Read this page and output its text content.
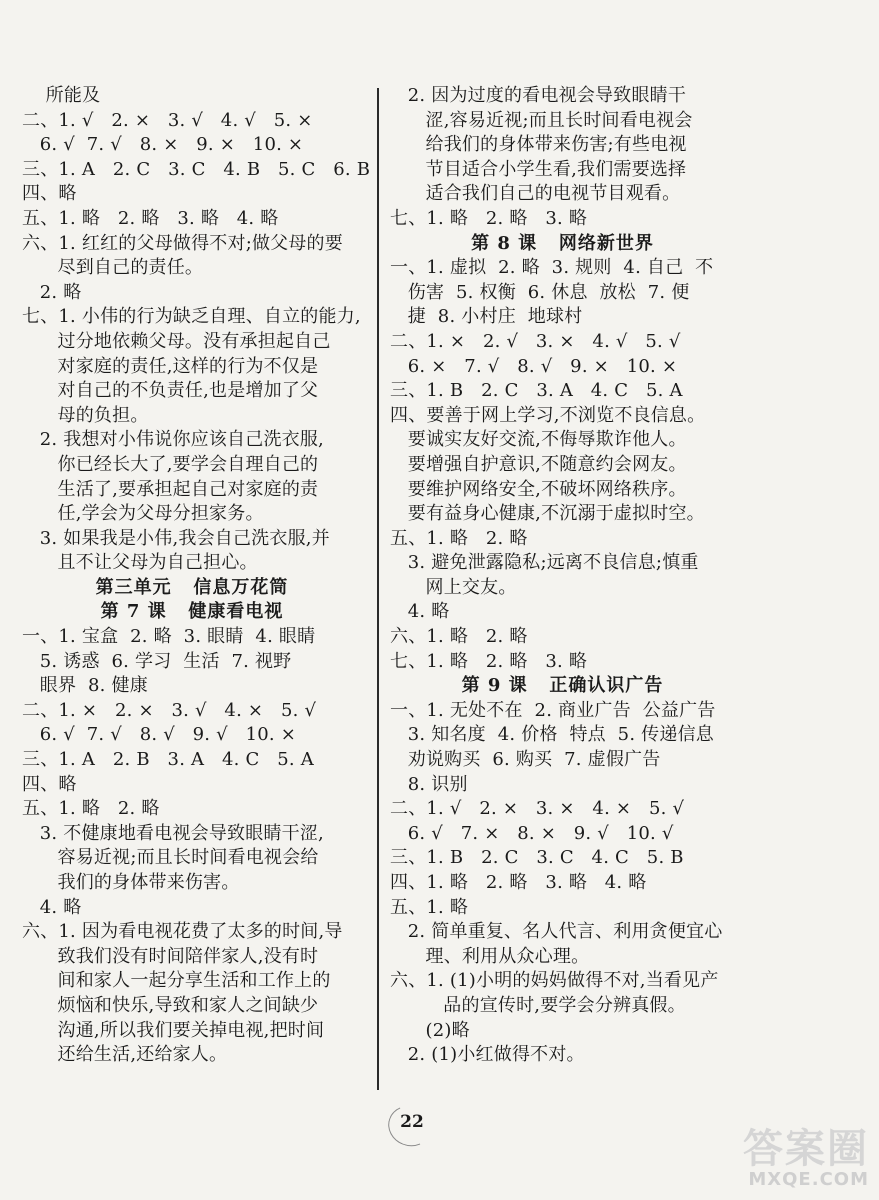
所能及
二、1. √   2. ×   3. √   4. √   5. ×
6. √  7. √   8. ×   9. ×   10. ×
三、1. A   2. C   3. C   4. B   5. C   6. B
四、略
五、1. 略   2. 略   3. 略   4. 略
六、1. 红红的父母做得不对;做父母的要
尽到自己的责任。
2. 略
七、1. 小伟的行为缺乏自理、自立的能力,
过分地依赖父母。没有承担起自己
对家庭的责任,这样的行为不仅是
对自己的不负责任,也是增加了父
母的负担。
2. 我想对小伟说你应该自己洗衣服,
你已经长大了,要学会自理自己的
生活了,要承担起自己对家庭的责
任,学会为父母分担家务。
3. 如果我是小伟,我会自己洗衣服,并
且不让父母为自己担心。
第三单元   信息万花筒
第 7 课   健康看电视
一、1. 宝盒  2. 略  3. 眼睛  4. 眼睛
5. 诱惑  6. 学习  生活  7. 视野
眼界  8. 健康
二、1. ×   2. ×   3. √   4. ×   5. √
6. √  7. √   8. √   9. √   10. ×
三、1. A   2. B   3. A   4. C   5. A
四、略
五、1. 略   2. 略
3. 不健康地看电视会导致眼睛干涩,
容易近视;而且长时间看电视会给
我们的身体带来伤害。
4. 略
六、1. 因为看电视花费了太多的时间,导
致我们没有时间陪伴家人,没有时
间和家人一起分享生活和工作上的
烦恼和快乐,导致和家人之间缺少
沟通,所以我们要关掉电视,把时间
还给生活,还给家人。
2. 因为过度的看电视会导致眼睛干
涩,容易近视;而且长时间看电视会
给我们的身体带来伤害;有些电视
节目适合小学生看,我们需要选择
适合我们自己的电视节目观看。
七、1. 略   2. 略   3. 略
第 8 课   网络新世界
一、1. 虚拟  2. 略  3. 规则  4. 自己  不
伤害  5. 权衡  6. 休息  放松  7. 便
捷  8. 小村庄  地球村
二、1. ×   2. √   3. ×   4. √   5. √
6. ×   7. √   8. √   9. ×   10. ×
三、1. B   2. C   3. A   4. C   5. A
四、要善于网上学习,不浏览不良信息。
要诚实友好交流,不侮辱欺诈他人。
要增强自护意识,不随意约会网友。
要维护网络安全,不破坏网络秩序。
要有益身心健康,不沉溺于虚拟时空。
五、1. 略   2. 略
3. 避免泄露隐私;远离不良信息;慎重
网上交友。
4. 略
六、1. 略   2. 略
七、1. 略   2. 略   3. 略
第 9 课   正确认识广告
一、1. 无处不在  2. 商业广告  公益广告
3. 知名度  4. 价格  特点  5. 传递信息
劝说购买  6. 购买  7. 虚假广告
8. 识别
二、1. √   2. ×   3. ×   4. ×   5. √
6. √   7. ×   8. ×   9. √   10. √
三、1. B   2. C   3. C   4. C   5. B
四、1. 略   2. 略   3. 略   4. 略
五、1. 略
2. 简单重复、名人代言、利用贪便宜心
理、利用从众心理。
六、1. (1)小明的妈妈做得不对,当看见产
品的宣传时,要学会分辨真假。
(2)略
2. (1)小红做得不对。
22
答案圈
MXQE.COM
